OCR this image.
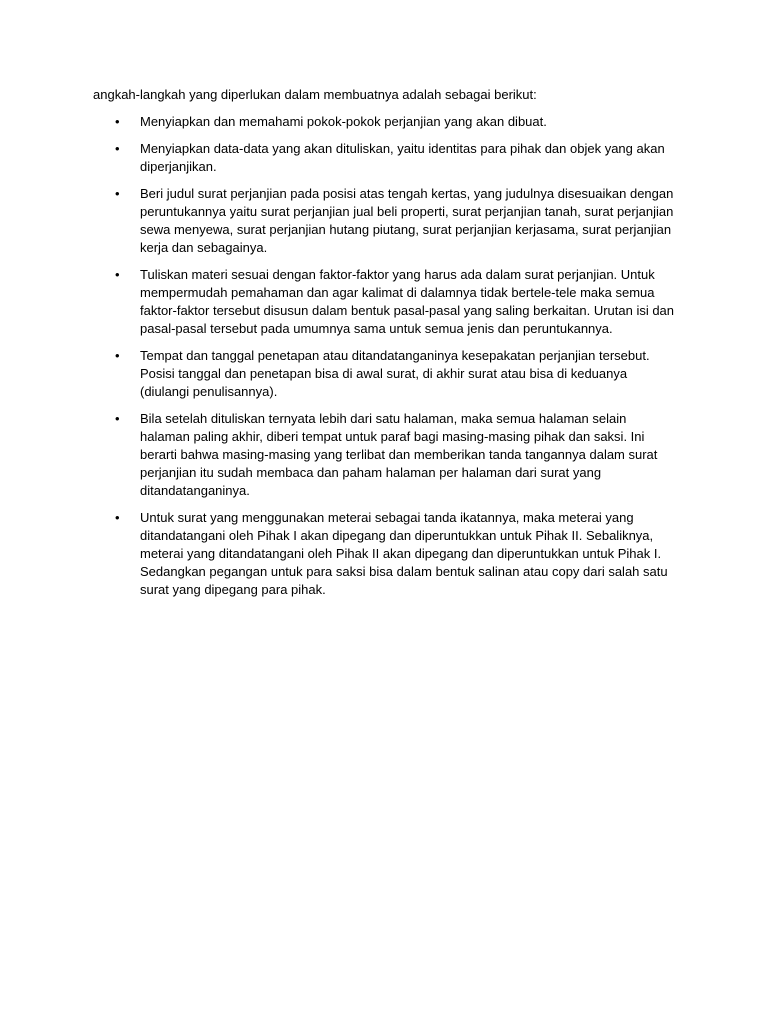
angkah-langkah yang diperlukan dalam membuatnya adalah sebagai berikut:

• Menyiapkan dan memahami pokok-pokok perjanjian yang akan dibuat.
• Menyiapkan data-data yang akan dituliskan, yaitu identitas para pihak dan objek yang akan diperjanjikan.
• Beri judul surat perjanjian pada posisi atas tengah kertas, yang judulnya disesuaikan dengan peruntukannya yaitu surat perjanjian jual beli properti, surat perjanjian tanah, surat perjanjian sewa menyewa, surat perjanjian hutang piutang, surat perjanjian kerjasama, surat perjanjian kerja dan sebagainya.
• Tuliskan materi sesuai dengan faktor-faktor yang harus ada dalam surat perjanjian. Untuk mempermudah pemahaman dan agar kalimat di dalamnya tidak bertele-tele maka semua faktor-faktor tersebut disusun dalam bentuk pasal-pasal yang saling berkaitan. Urutan isi dan pasal-pasal tersebut pada umumnya sama untuk semua jenis dan peruntukannya.
• Tempat dan tanggal penetapan atau ditandatanganinya kesepakatan perjanjian tersebut. Posisi tanggal dan penetapan bisa di awal surat, di akhir surat atau bisa di keduanya (diulangi penulisannya).
• Bila setelah dituliskan ternyata lebih dari satu halaman, maka semua halaman selain halaman paling akhir, diberi tempat untuk paraf bagi masing-masing pihak dan saksi. Ini berarti bahwa masing-masing yang terlibat dan memberikan tanda tangannya dalam surat perjanjian itu sudah membaca dan paham halaman per halaman dari surat yang ditandatanganinya.
• Untuk surat yang menggunakan meterai sebagai tanda ikatannya, maka meterai yang ditandatangani oleh Pihak I akan dipegang dan diperuntukkan untuk Pihak II. Sebaliknya, meterai yang ditandatangani oleh Pihak II akan dipegang dan diperuntukkan untuk Pihak I. Sedangkan pegangan untuk para saksi bisa dalam bentuk salinan atau copy dari salah satu surat yang dipegang para pihak.
